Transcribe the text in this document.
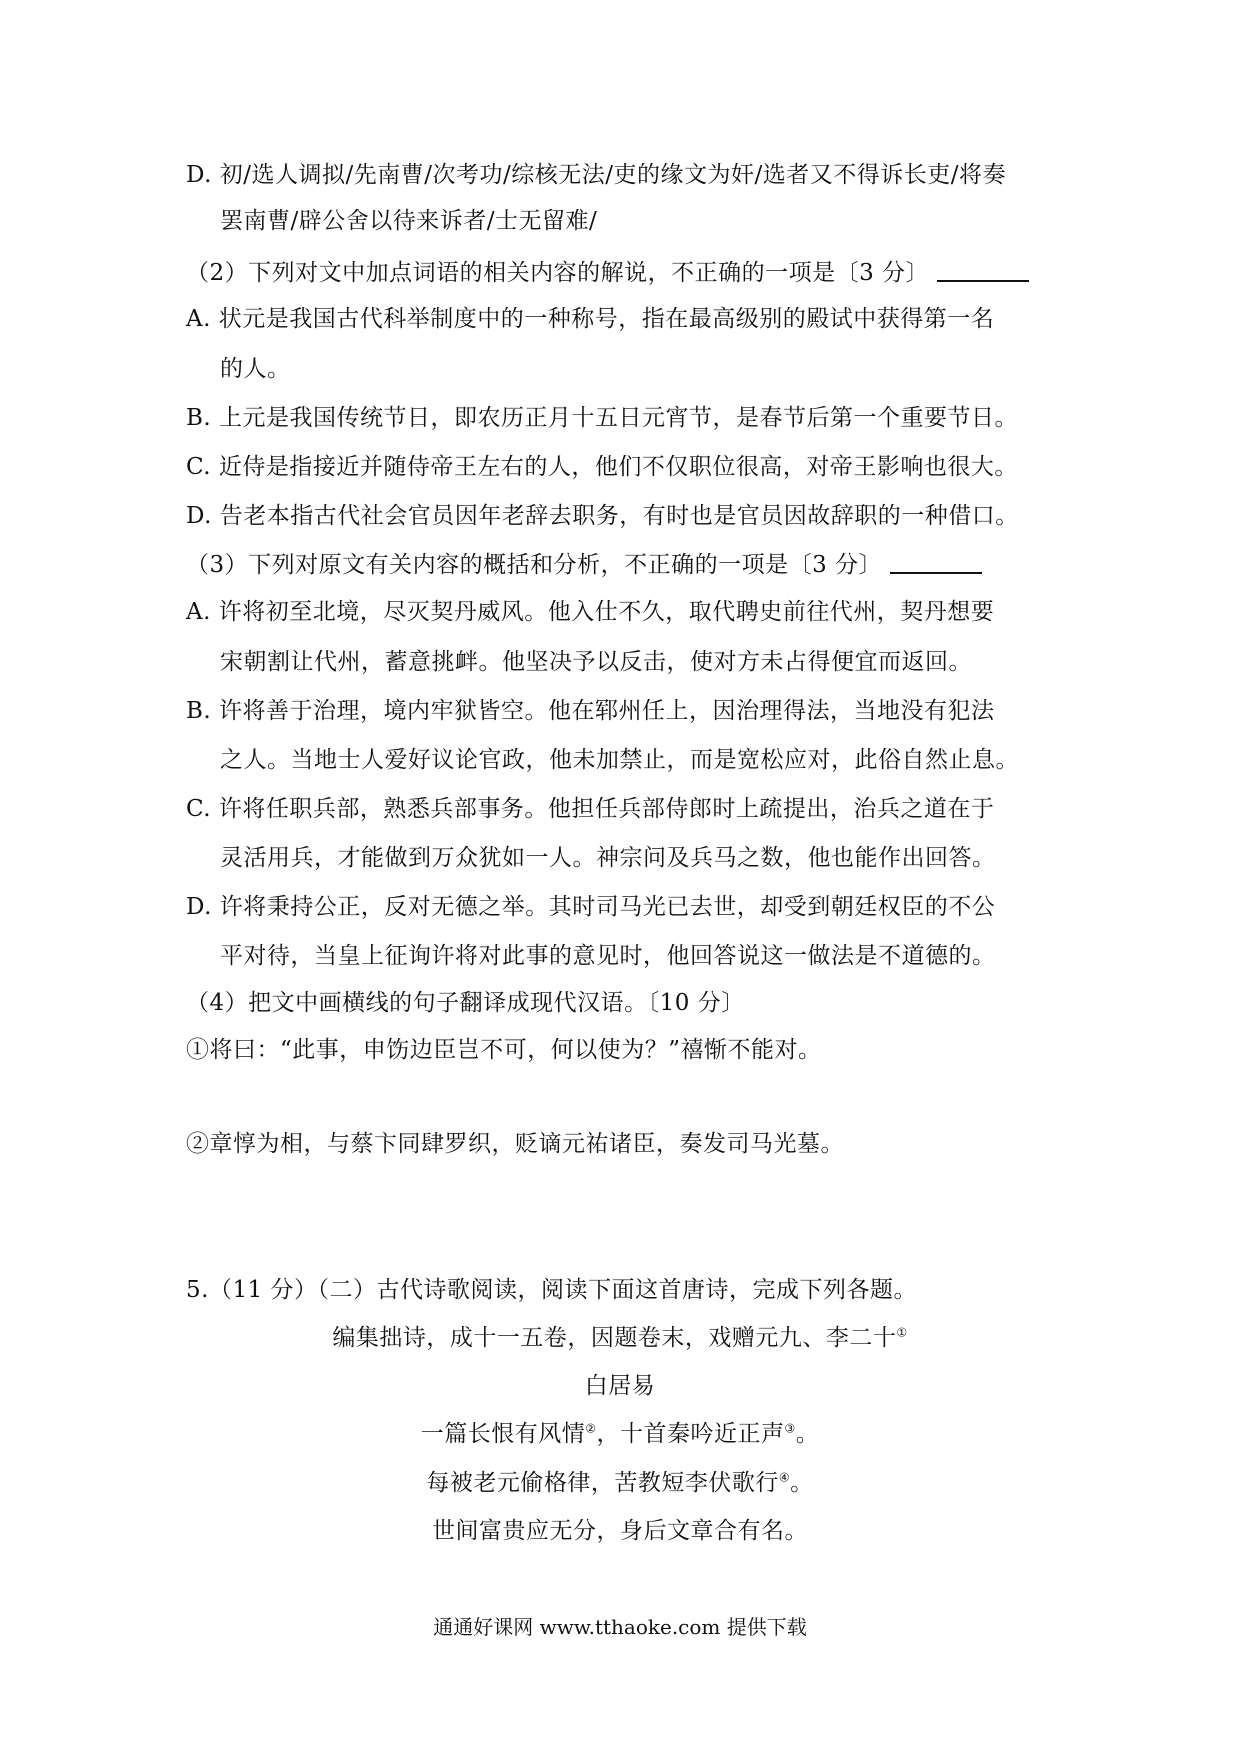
D. 初/选人调拟/先南曹/次考功/综核无法/吏的缘文为奸/选者又不得诉长吏/将奏
罢南曹/辟公舍以待来诉者/士无留难/
（2）下列对文中加点词语的相关内容的解说，不正确的一项是〔3 分〕
A. 状元是我国古代科举制度中的一种称号，指在最高级别的殿试中获得第一名
的人。
B. 上元是我国传统节日，即农历正月十五日元宵节，是春节后第一个重要节日。
C. 近侍是指接近并随侍帝王左右的人，他们不仅职位很高，对帝王影响也很大。
D. 告老本指古代社会官员因年老辞去职务，有时也是官员因故辞职的一种借口。
（3）下列对原文有关内容的概括和分析，不正确的一项是〔3 分〕
A. 许将初至北境，尽灭契丹威风。他入仕不久，取代聘史前往代州，契丹想要
宋朝割让代州，蓄意挑衅。他坚决予以反击，使对方未占得便宜而返回。
B. 许将善于治理，境内牢狱皆空。他在郓州任上，因治理得法，当地没有犯法
之人。当地士人爱好议论官政，他未加禁止，而是宽松应对，此俗自然止息。
C. 许将任职兵部，熟悉兵部事务。他担任兵部侍郎时上疏提出，治兵之道在于
灵活用兵，才能做到万众犹如一人。神宗问及兵马之数，他也能作出回答。
D. 许将秉持公正，反对无德之举。其时司马光已去世，却受到朝廷权臣的不公
平对待，当皇上征询许将对此事的意见时，他回答说这一做法是不道德的。
（4）把文中画横线的句子翻译成现代汉语。〔10 分〕
①将曰：“此事，申饬边臣岂不可，何以使为？”禧惭不能对。
②章惇为相，与蔡卞同肆罗织，贬谪元祐诸臣，奏发司马光墓。
5.（11 分）（二）古代诗歌阅读，阅读下面这首唐诗，完成下列各题。
编集拙诗，成十一五卷，因题卷末，戏赠元九、李二十①
白居易
一篇长恨有风情②，十首秦吟近正声③。
每被老元偷格律，苦教短李伏歌行④。
世间富贵应无分，身后文章合有名。
通通好课网 www.tthaoke.com 提供下载
